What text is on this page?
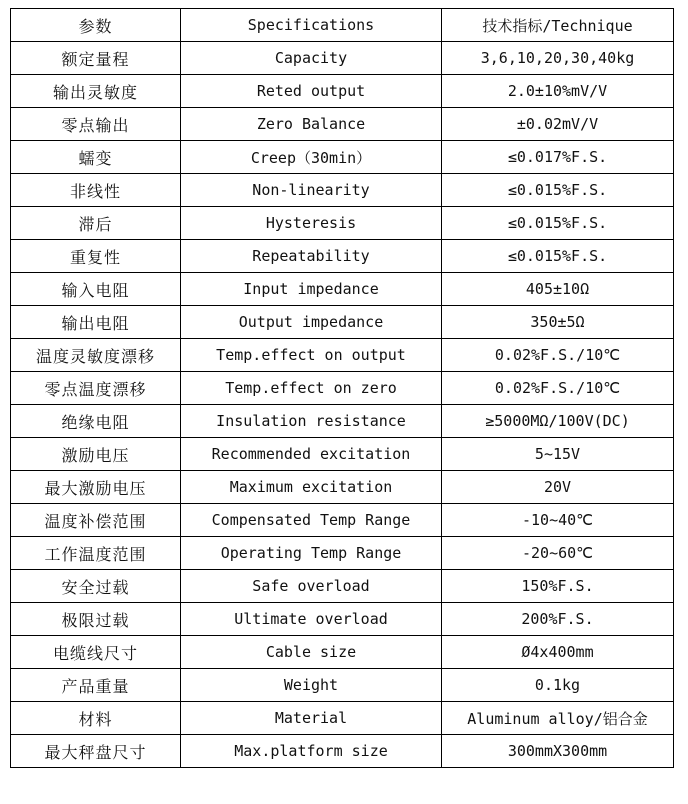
参数	Specifications	技术指标/Technique
额定量程	Capacity	3,6,10,20,30,40kg
输出灵敏度	Reted output	2.0±10%mV/V
零点输出	Zero Balance	±0.02mV/V
蠕变	Creep（30min）	≤0.017%F.S.
非线性	Non-linearity	≤0.015%F.S.
滞后	Hysteresis	≤0.015%F.S.
重复性	Repeatability	≤0.015%F.S.
输入电阻	Input impedance	405±10Ω
输出电阻	Output impedance	350±5Ω
温度灵敏度漂移	Temp.effect on output	0.02%F.S./10℃
零点温度漂移	Temp.effect on zero	0.02%F.S./10℃
绝缘电阻	Insulation resistance	≥5000MΩ/100V(DC)
激励电压	Recommended excitation	5~15V
最大激励电压	Maximum excitation	20V
温度补偿范围	Compensated Temp Range	-10~40℃
工作温度范围	Operating Temp Range	-20~60℃
安全过载	Safe overload	150%F.S.
极限过载	Ultimate overload	200%F.S.
电缆线尺寸	Cable size	Ø4x400mm
产品重量	Weight	0.1kg
材料	Material	Aluminum alloy/铝合金
最大秤盘尺寸	Max.platform size	300mmX300mm
